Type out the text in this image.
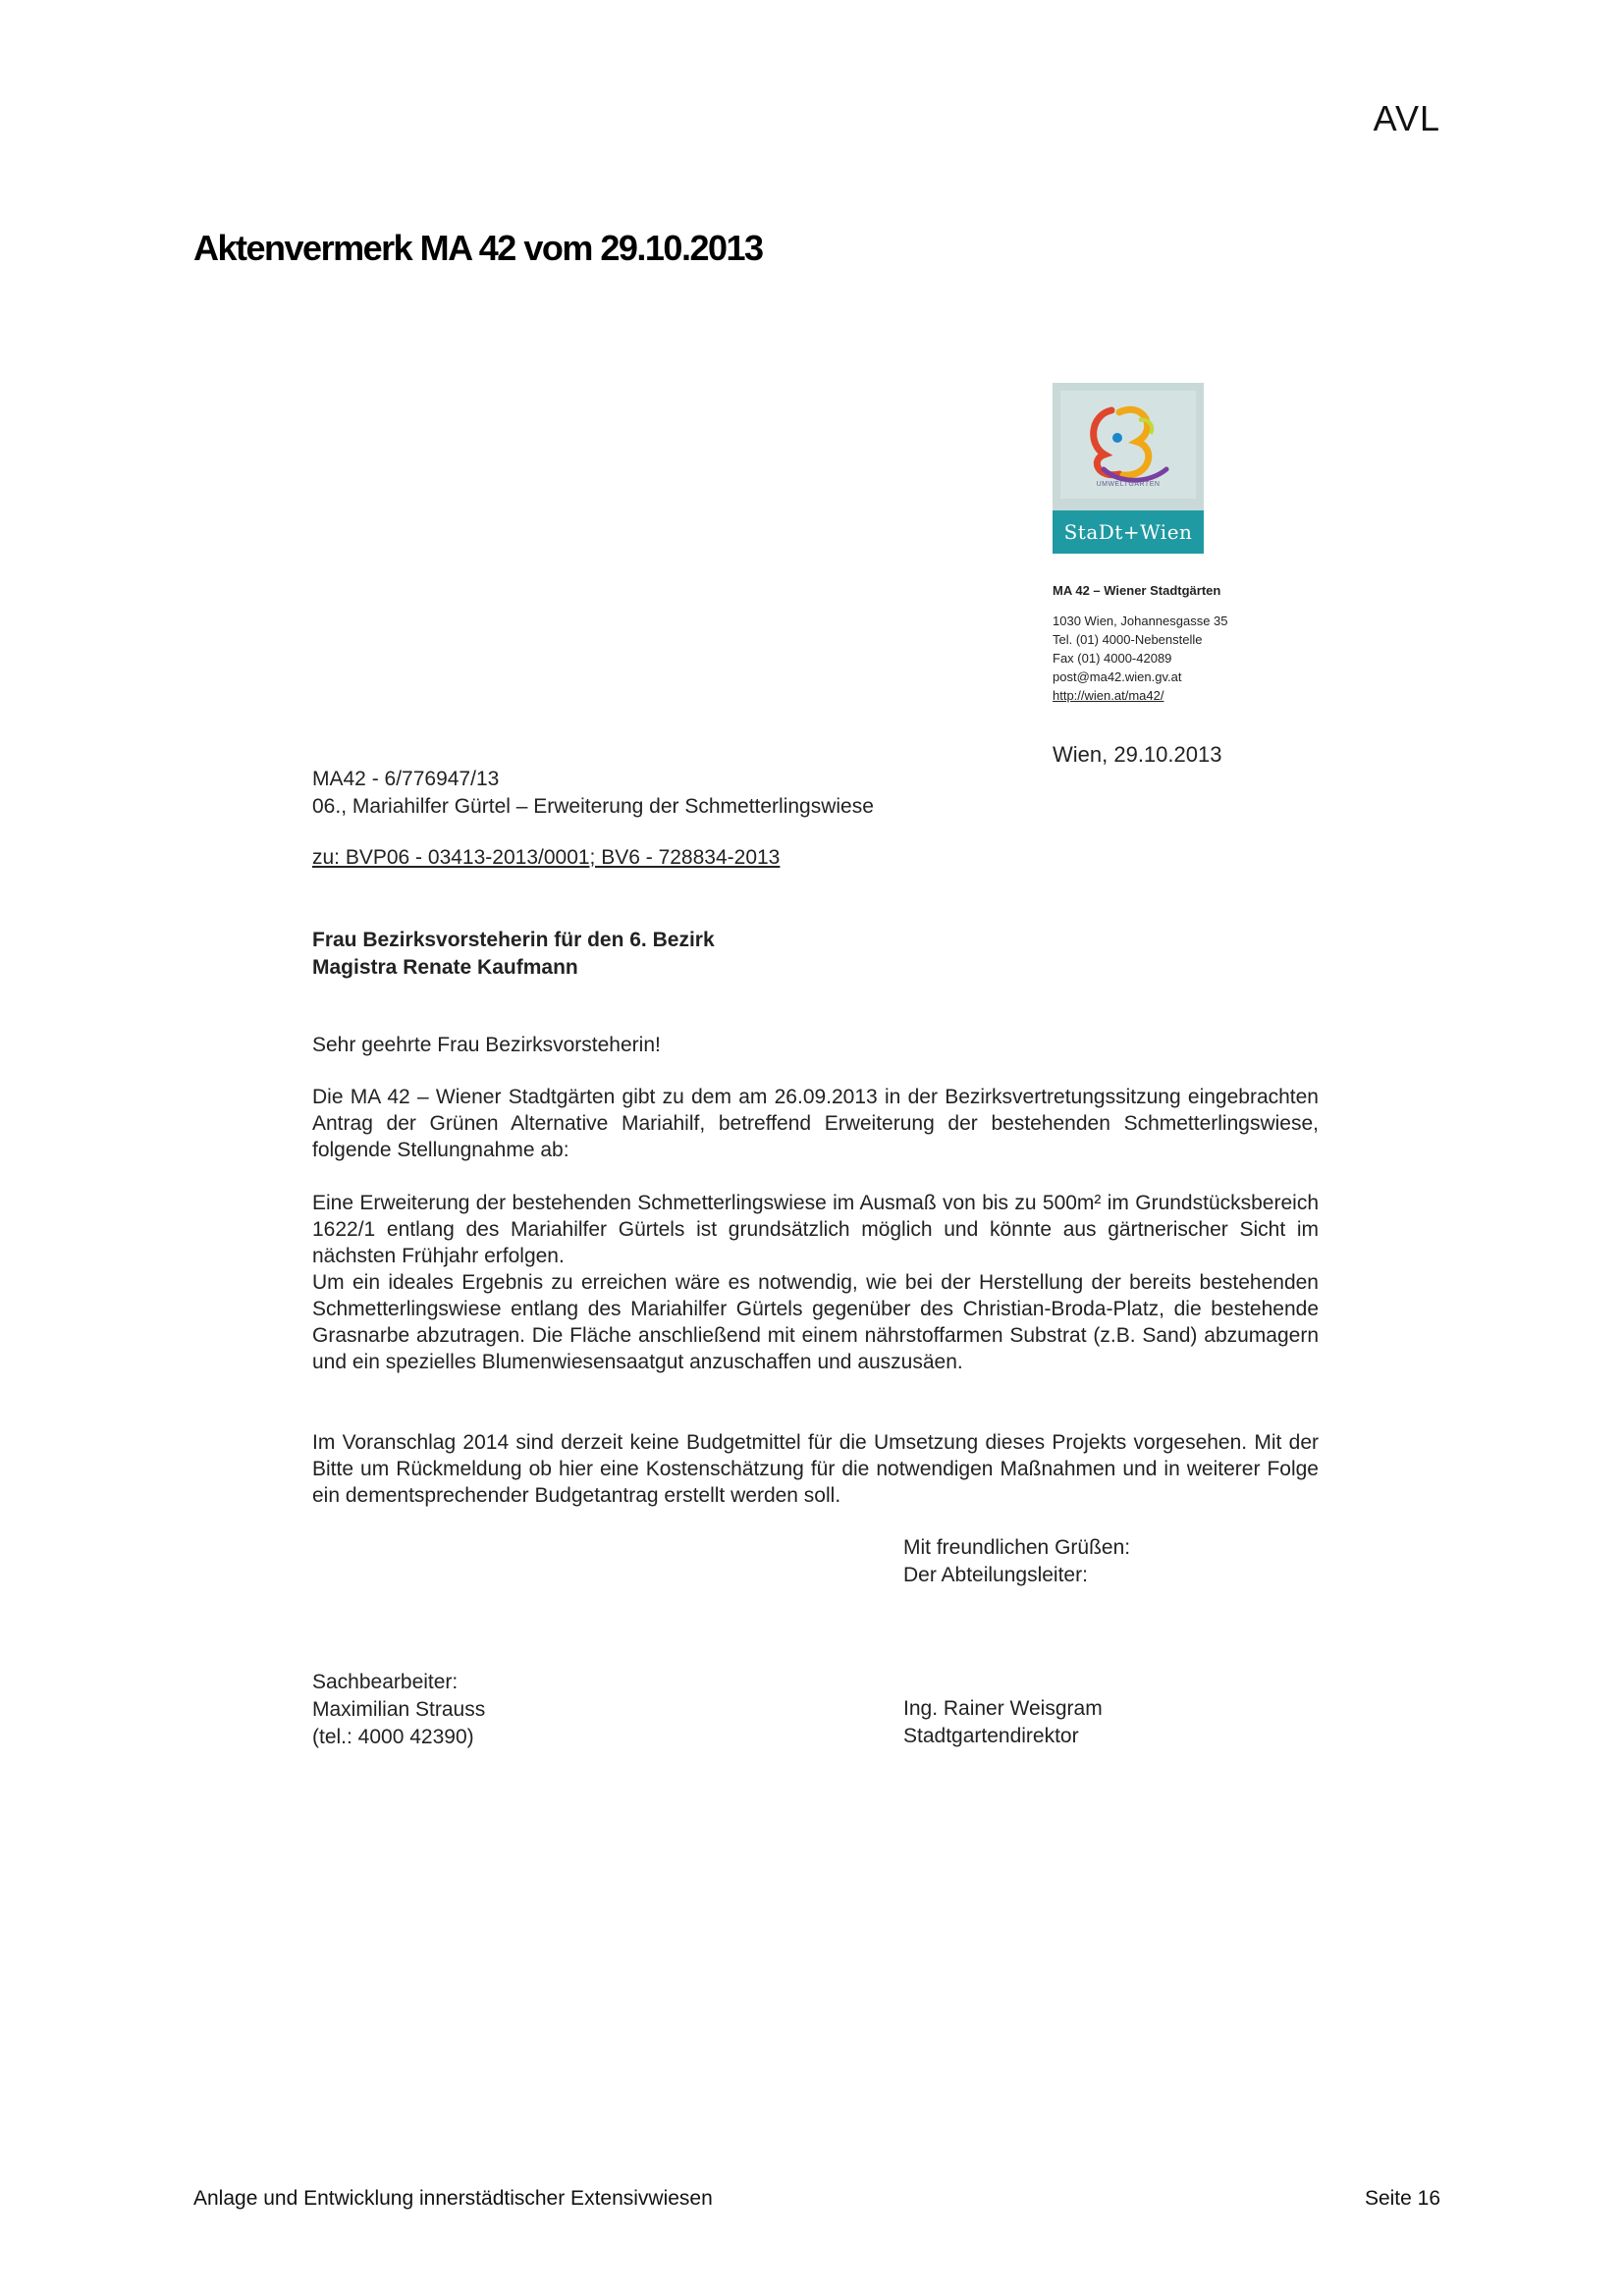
AVL
Aktenvermerk MA 42 vom 29.10.2013
UMWELTGÄRTEN
StaDt+Wien
MA 42 – Wiener Stadtgärten
1030 Wien, Johannesgasse 35
Tel. (01) 4000-Nebenstelle
Fax (01) 4000-42089
post@ma42.wien.gv.at
http://wien.at/ma42/
Wien, 29.10.2013
MA42 - 6/776947/13
06., Mariahilfer Gürtel – Erweiterung der Schmetterlingswiese
zu: BVP06 - 03413-2013/0001; BV6 - 728834-2013
Frau Bezirksvorsteherin für den 6. Bezirk
Magistra Renate Kaufmann
Sehr geehrte Frau Bezirksvorsteherin!
Die MA 42 – Wiener Stadtgärten gibt zu dem am 26.09.2013 in der Bezirksvertretungssitzung eingebrachten Antrag der Grünen Alternative Mariahilf, betreffend Erweiterung der bestehenden Schmetterlingswiese, folgende Stellungnahme ab:
Eine Erweiterung der bestehenden Schmetterlingswiese im Ausmaß von bis zu 500m² im Grundstücksbereich 1622/1 entlang des Mariahilfer Gürtels ist grundsätzlich möglich und könnte aus gärtnerischer Sicht im nächsten Frühjahr erfolgen.
Um ein ideales Ergebnis zu erreichen wäre es notwendig, wie bei der Herstellung der bereits bestehenden Schmetterlingswiese entlang des Mariahilfer Gürtels gegenüber des Christian-Broda-Platz, die bestehende Grasnarbe abzutragen. Die Fläche anschließend mit einem nährstoffarmen Substrat (z.B. Sand) abzumagern und ein spezielles Blumenwiesensaatgut anzuschaffen und auszusäen.
Im Voranschlag 2014 sind derzeit keine Budgetmittel für die Umsetzung dieses Projekts vorgesehen. Mit der Bitte um Rückmeldung ob hier eine Kostenschätzung für die notwendigen Maßnahmen und in weiterer Folge ein dementsprechender Budgetantrag erstellt werden soll.
Mit freundlichen Grüßen:
Der Abteilungsleiter:
Sachbearbeiter:
Maximilian Strauss
(tel.: 4000 42390)
Ing. Rainer Weisgram
Stadtgartendirektor
Anlage und Entwicklung innerstädtischer Extensivwiesen	Seite 16
